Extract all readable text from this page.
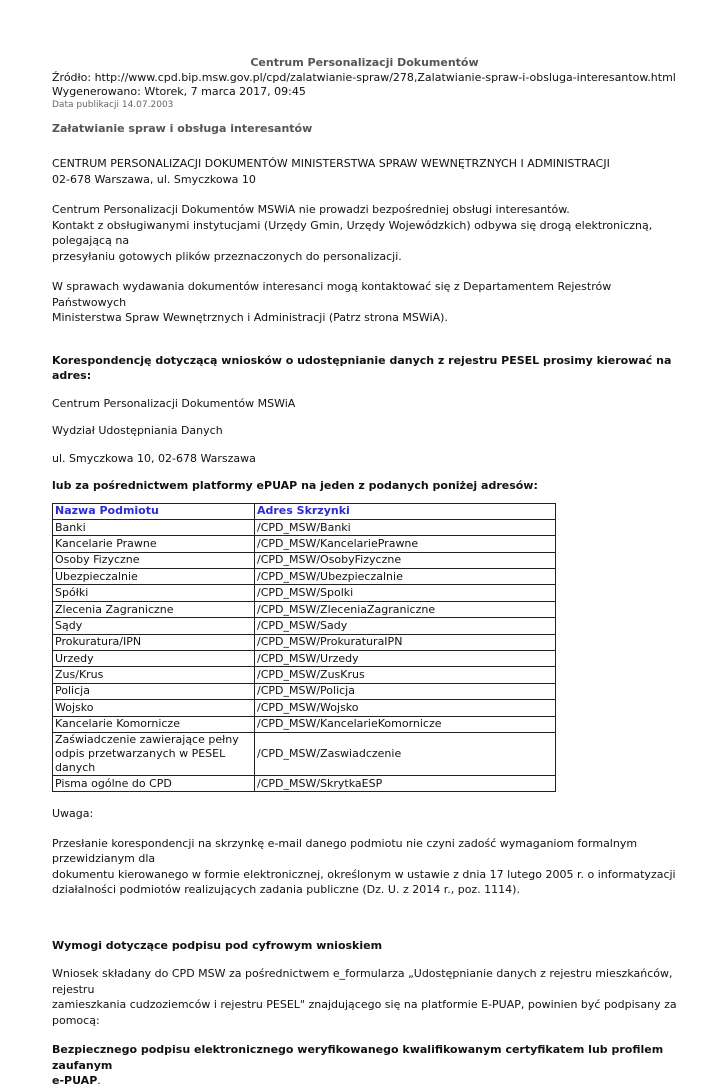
Centrum Personalizacji Dokumentów
Źródło: http://www.cpd.bip.msw.gov.pl/cpd/zalatwianie-spraw/278,Zalatwianie-spraw-i-obsluga-interesantow.html
Wygenerowano: Wtorek, 7 marca 2017, 09:45
Data publikacji 14.07.2003
Załatwianie spraw i obsługa interesantów
CENTRUM PERSONALIZACJI DOKUMENTÓW MINISTERSTWA SPRAW WEWNĘTRZNYCH I ADMINISTRACJI
02-678 Warszawa, ul. Smyczkowa 10
Centrum Personalizacji Dokumentów MSWiA nie prowadzi bezpośredniej obsługi interesantów.
Kontakt z obsługiwanymi instytucjami (Urzędy Gmin, Urzędy Wojewódzkich) odbywa się drogą elektroniczną, polegającą na
przesyłaniu gotowych plików przeznaczonych do personalizacji.
W sprawach wydawania dokumentów interesanci mogą kontaktować się z Departamentem Rejestrów Państwowych
Ministerstwa Spraw Wewnętrznych i Administracji (Patrz strona MSWiA).
Korespondencję dotyczącą wniosków o udostępnianie danych z rejestru PESEL prosimy kierować na adres:
Centrum Personalizacji Dokumentów MSWiA
Wydział Udostępniania Danych
ul. Smyczkowa 10, 02-678 Warszawa
lub za pośrednictwem platformy ePUAP na jeden z podanych poniżej adresów:
Nazwa Podmiotu	Adres Skrzynki
Banki	/CPD_MSW/Banki
Kancelarie Prawne	/CPD_MSW/KancelariePrawne
Osoby Fizyczne	/CPD_MSW/OsobyFizyczne
Ubezpieczalnie	/CPD_MSW/Ubezpieczalnie
Spółki	/CPD_MSW/Spolki
Zlecenia Zagraniczne	/CPD_MSW/ZleceniaZagraniczne
Sądy	/CPD_MSW/Sady
Prokuratura/IPN	/CPD_MSW/ProkuraturaIPN
Urzedy	/CPD_MSW/Urzedy
Zus/Krus	/CPD_MSW/ZusKrus
Policja	/CPD_MSW/Policja
Wojsko	/CPD_MSW/Wojsko
Kancelarie Komornicze	/CPD_MSW/KancelarieKomornicze
Zaświadczenie zawierające pełny odpis przetwarzanych w PESEL danych	/CPD_MSW/Zaswiadczenie
Pisma ogólne do CPD	/CPD_MSW/SkrytkaESP
Uwaga:
Przesłanie korespondencji na skrzynkę e-mail danego podmiotu nie czyni zadość wymaganiom formalnym przewidzianym dla
dokumentu kierowanego w formie elektronicznej, określonym w ustawie z dnia 17 lutego 2005 r. o informatyzacji
działalności podmiotów realizujących zadania publiczne (Dz. U. z 2014 r., poz. 1114).
Wymogi dotyczące podpisu pod cyfrowym wnioskiem
Wniosek składany do CPD MSW za pośrednictwem e_formularza „Udostępnianie danych z rejestru mieszkańców, rejestru
zamieszkania cudzoziemców i rejestru PESEL" znajdującego się na platformie E-PUAP, powinien być podpisany za pomocą:
Bezpiecznego podpisu elektronicznego weryfikowanego kwalifikowanym certyfikatem lub profilem zaufanym
e-PUAP.
